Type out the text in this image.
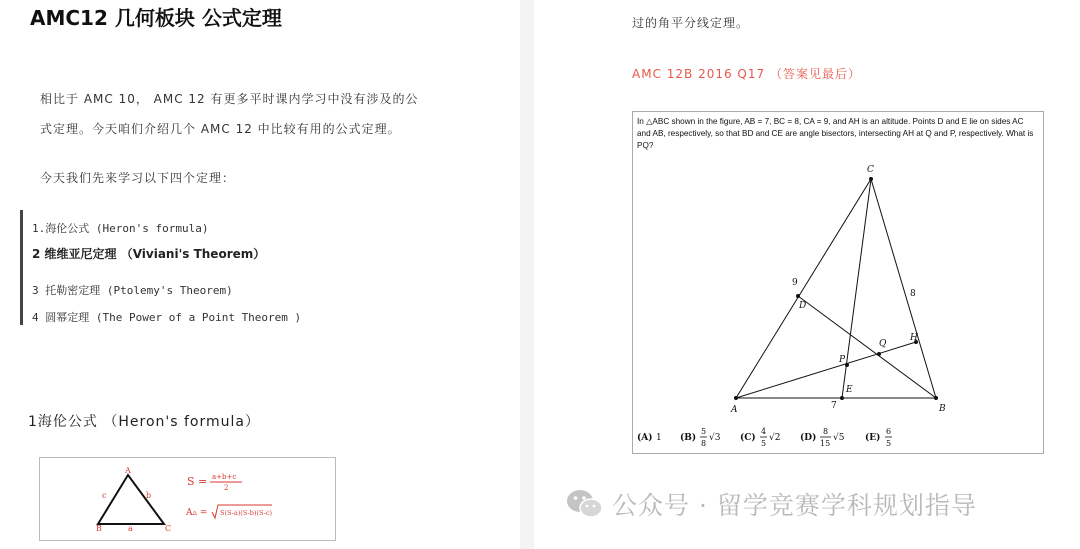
AMC12 几何板块 公式定理
相比于 AMC 10， AMC 12 有更多平时课内学习中没有涉及的公
式定理。今天咱们介绍几个 AMC 12 中比较有用的公式定理。
今天我们先来学习以下四个定理：
1.海伦公式 (Heron's formula)
2 维维亚尼定理 （Viviani's Theorem）
3 托勒密定理 (Ptolemy's Theorem)
4 圆幂定理 (The Power of a Point Theorem )
1海伦公式 （Heron's formula）
A
B	C
a
b
c
S = a+b+c
2
A▵ = S(S-a)(S-b)(S-c)
过的角平分线定理。
AMC 12B 2016 Q17 （答案见最后）
In △ABC shown in the figure, AB = 7, BC = 8, CA = 9, and AH is an altitude. Points D and E lie on sides AC and AB, respectively, so that BD and CE are angle bisectors, intersecting AH at Q and P, respectively. What is PQ?
C
D
H
Q
P
E
A	B
9
8
7
(A) 1 (B)
5
8
√3 (C)
4
5
√2 (D)
8
15
√5 (E)
6
5
公众号 · 留学竞赛学科规划指导
